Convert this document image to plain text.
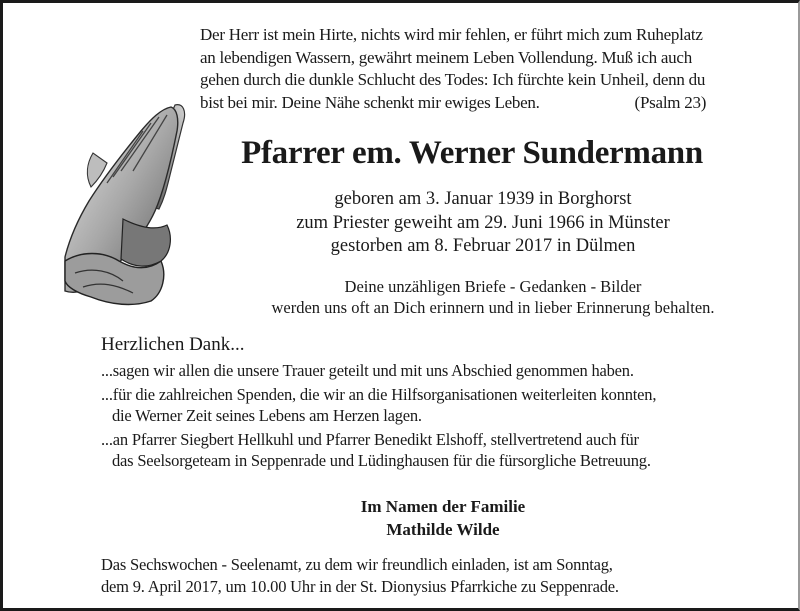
Der Herr ist mein Hirte, nichts wird mir fehlen, er führt mich zum Ruheplatz
an lebendigen Wassern, gewährt meinem Leben Vollendung. Muß ich auch
gehen durch die dunkle Schlucht des Todes: Ich fürchte kein Unheil, denn du
bist bei mir. Deine Nähe schenkt mir ewiges Leben.	(Psalm 23)
Pfarrer em. Werner Sundermann
geboren am 3. Januar 1939 in Borghorst
zum Priester geweiht am 29. Juni 1966 in Münster
gestorben am 8. Februar 2017 in Dülmen
Deine unzähligen Briefe - Gedanken - Bilder
werden uns oft an Dich erinnern und in lieber Erinnerung behalten.
Herzlichen Dank...
...sagen wir allen die unsere Trauer geteilt und mit uns Abschied genommen haben.
...für die zahlreichen Spenden, die wir an die Hilfsorganisationen weiterleiten konnten,
die Werner Zeit seines Lebens am Herzen lagen.
...an Pfarrer Siegbert Hellkuhl und Pfarrer Benedikt Elshoff, stellvertretend auch für
das Seelsorgeteam in Seppenrade und Lüdinghausen für die fürsorgliche Betreuung.
Im Namen der Familie
Mathilde Wilde
Das Sechswochen - Seelenamt, zu dem wir freundlich einladen, ist am Sonntag,
dem 9. April 2017, um 10.00 Uhr in der St. Dionysius Pfarrkiche zu Seppenrade.
